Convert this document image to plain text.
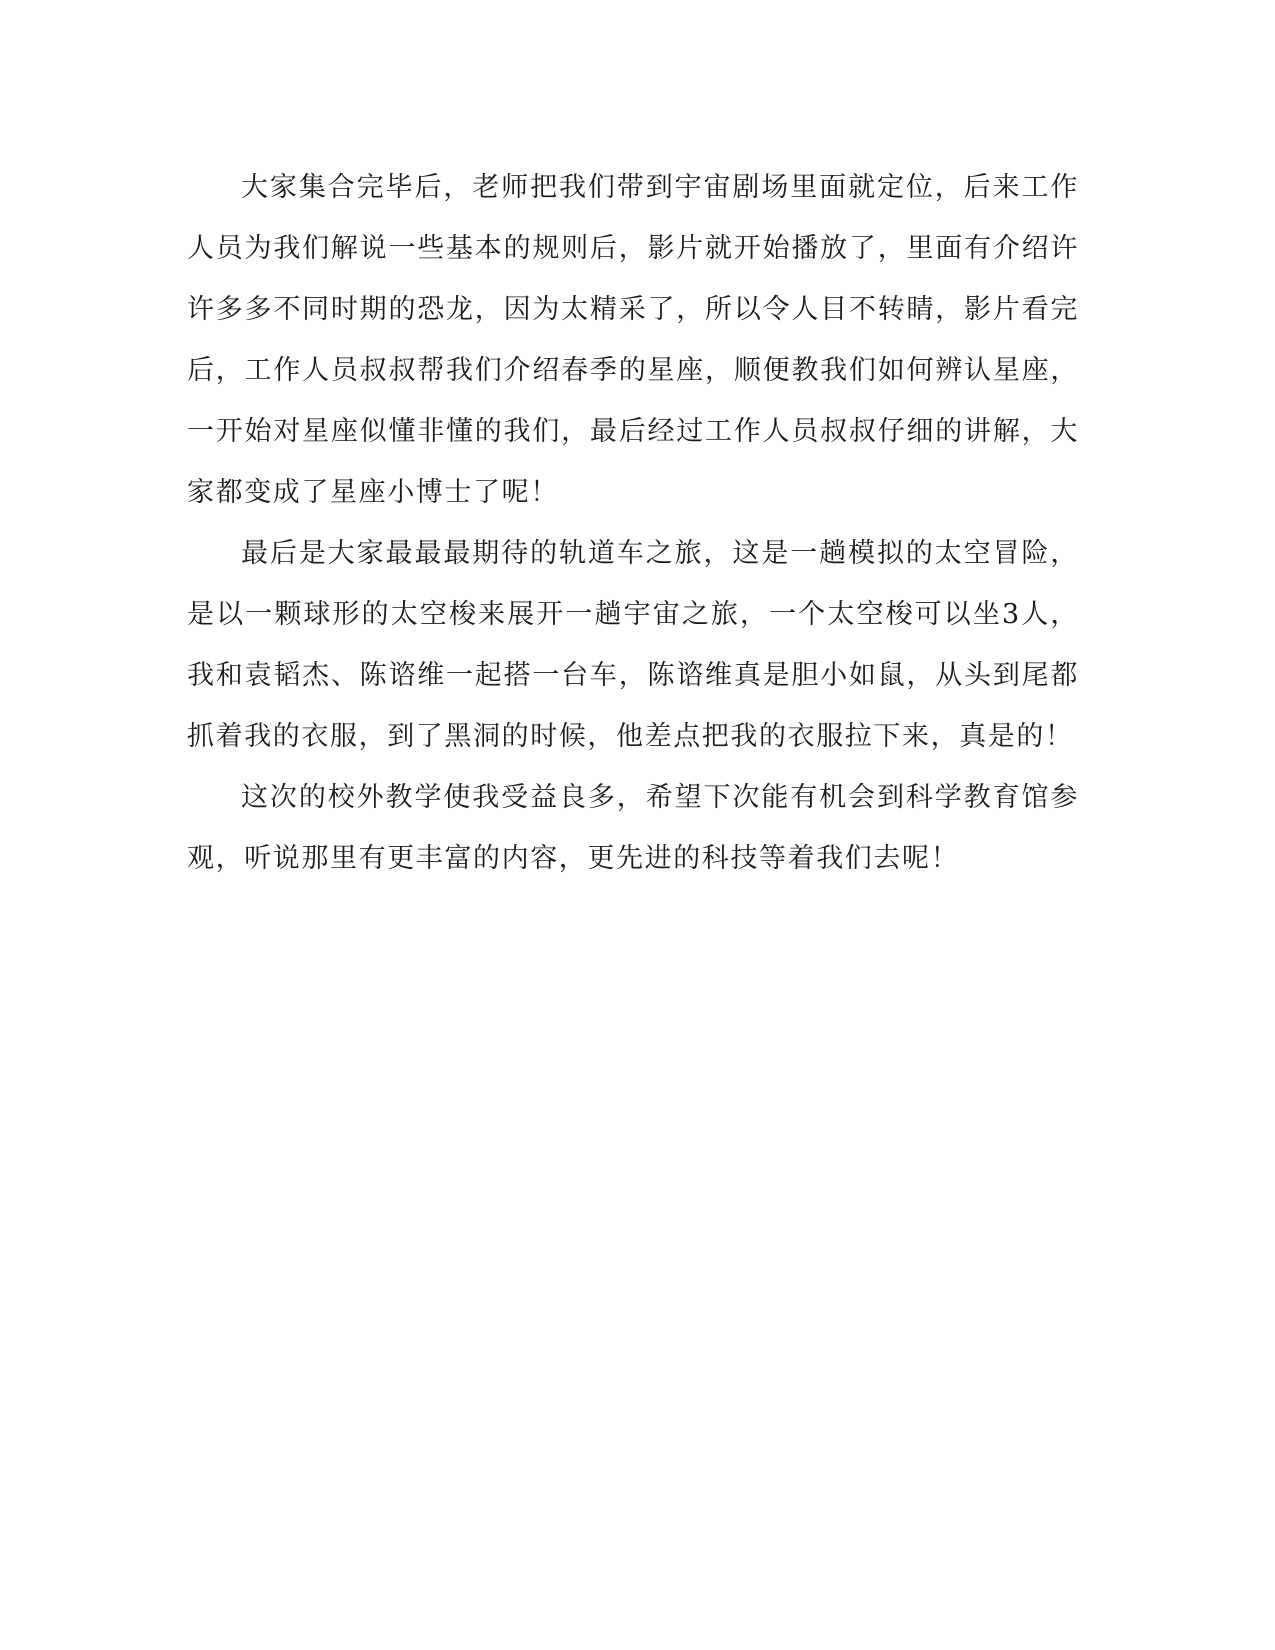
大家集合完毕后，老师把我们带到宇宙剧场里面就定位，后来工作人员为我们解说一些基本的规则后，影片就开始播放了，里面有介绍许许多多不同时期的恐龙，因为太精采了，所以令人目不转睛，影片看完后，工作人员叔叔帮我们介绍春季的星座，顺便教我们如何辨认星座，一开始对星座似懂非懂的我们，最后经过工作人员叔叔仔细的讲解，大家都变成了星座小博士了呢！

最后是大家最最最期待的轨道车之旅，这是一趟模拟的太空冒险，是以一颗球形的太空梭来展开一趟宇宙之旅，一个太空梭可以坐3人，我和袁韬杰、陈谘维一起搭一台车，陈谘维真是胆小如鼠，从头到尾都抓着我的衣服，到了黑洞的时候，他差点把我的衣服拉下来，真是的！

这次的校外教学使我受益良多，希望下次能有机会到科学教育馆参观，听说那里有更丰富的内容，更先进的科技等着我们去呢！
